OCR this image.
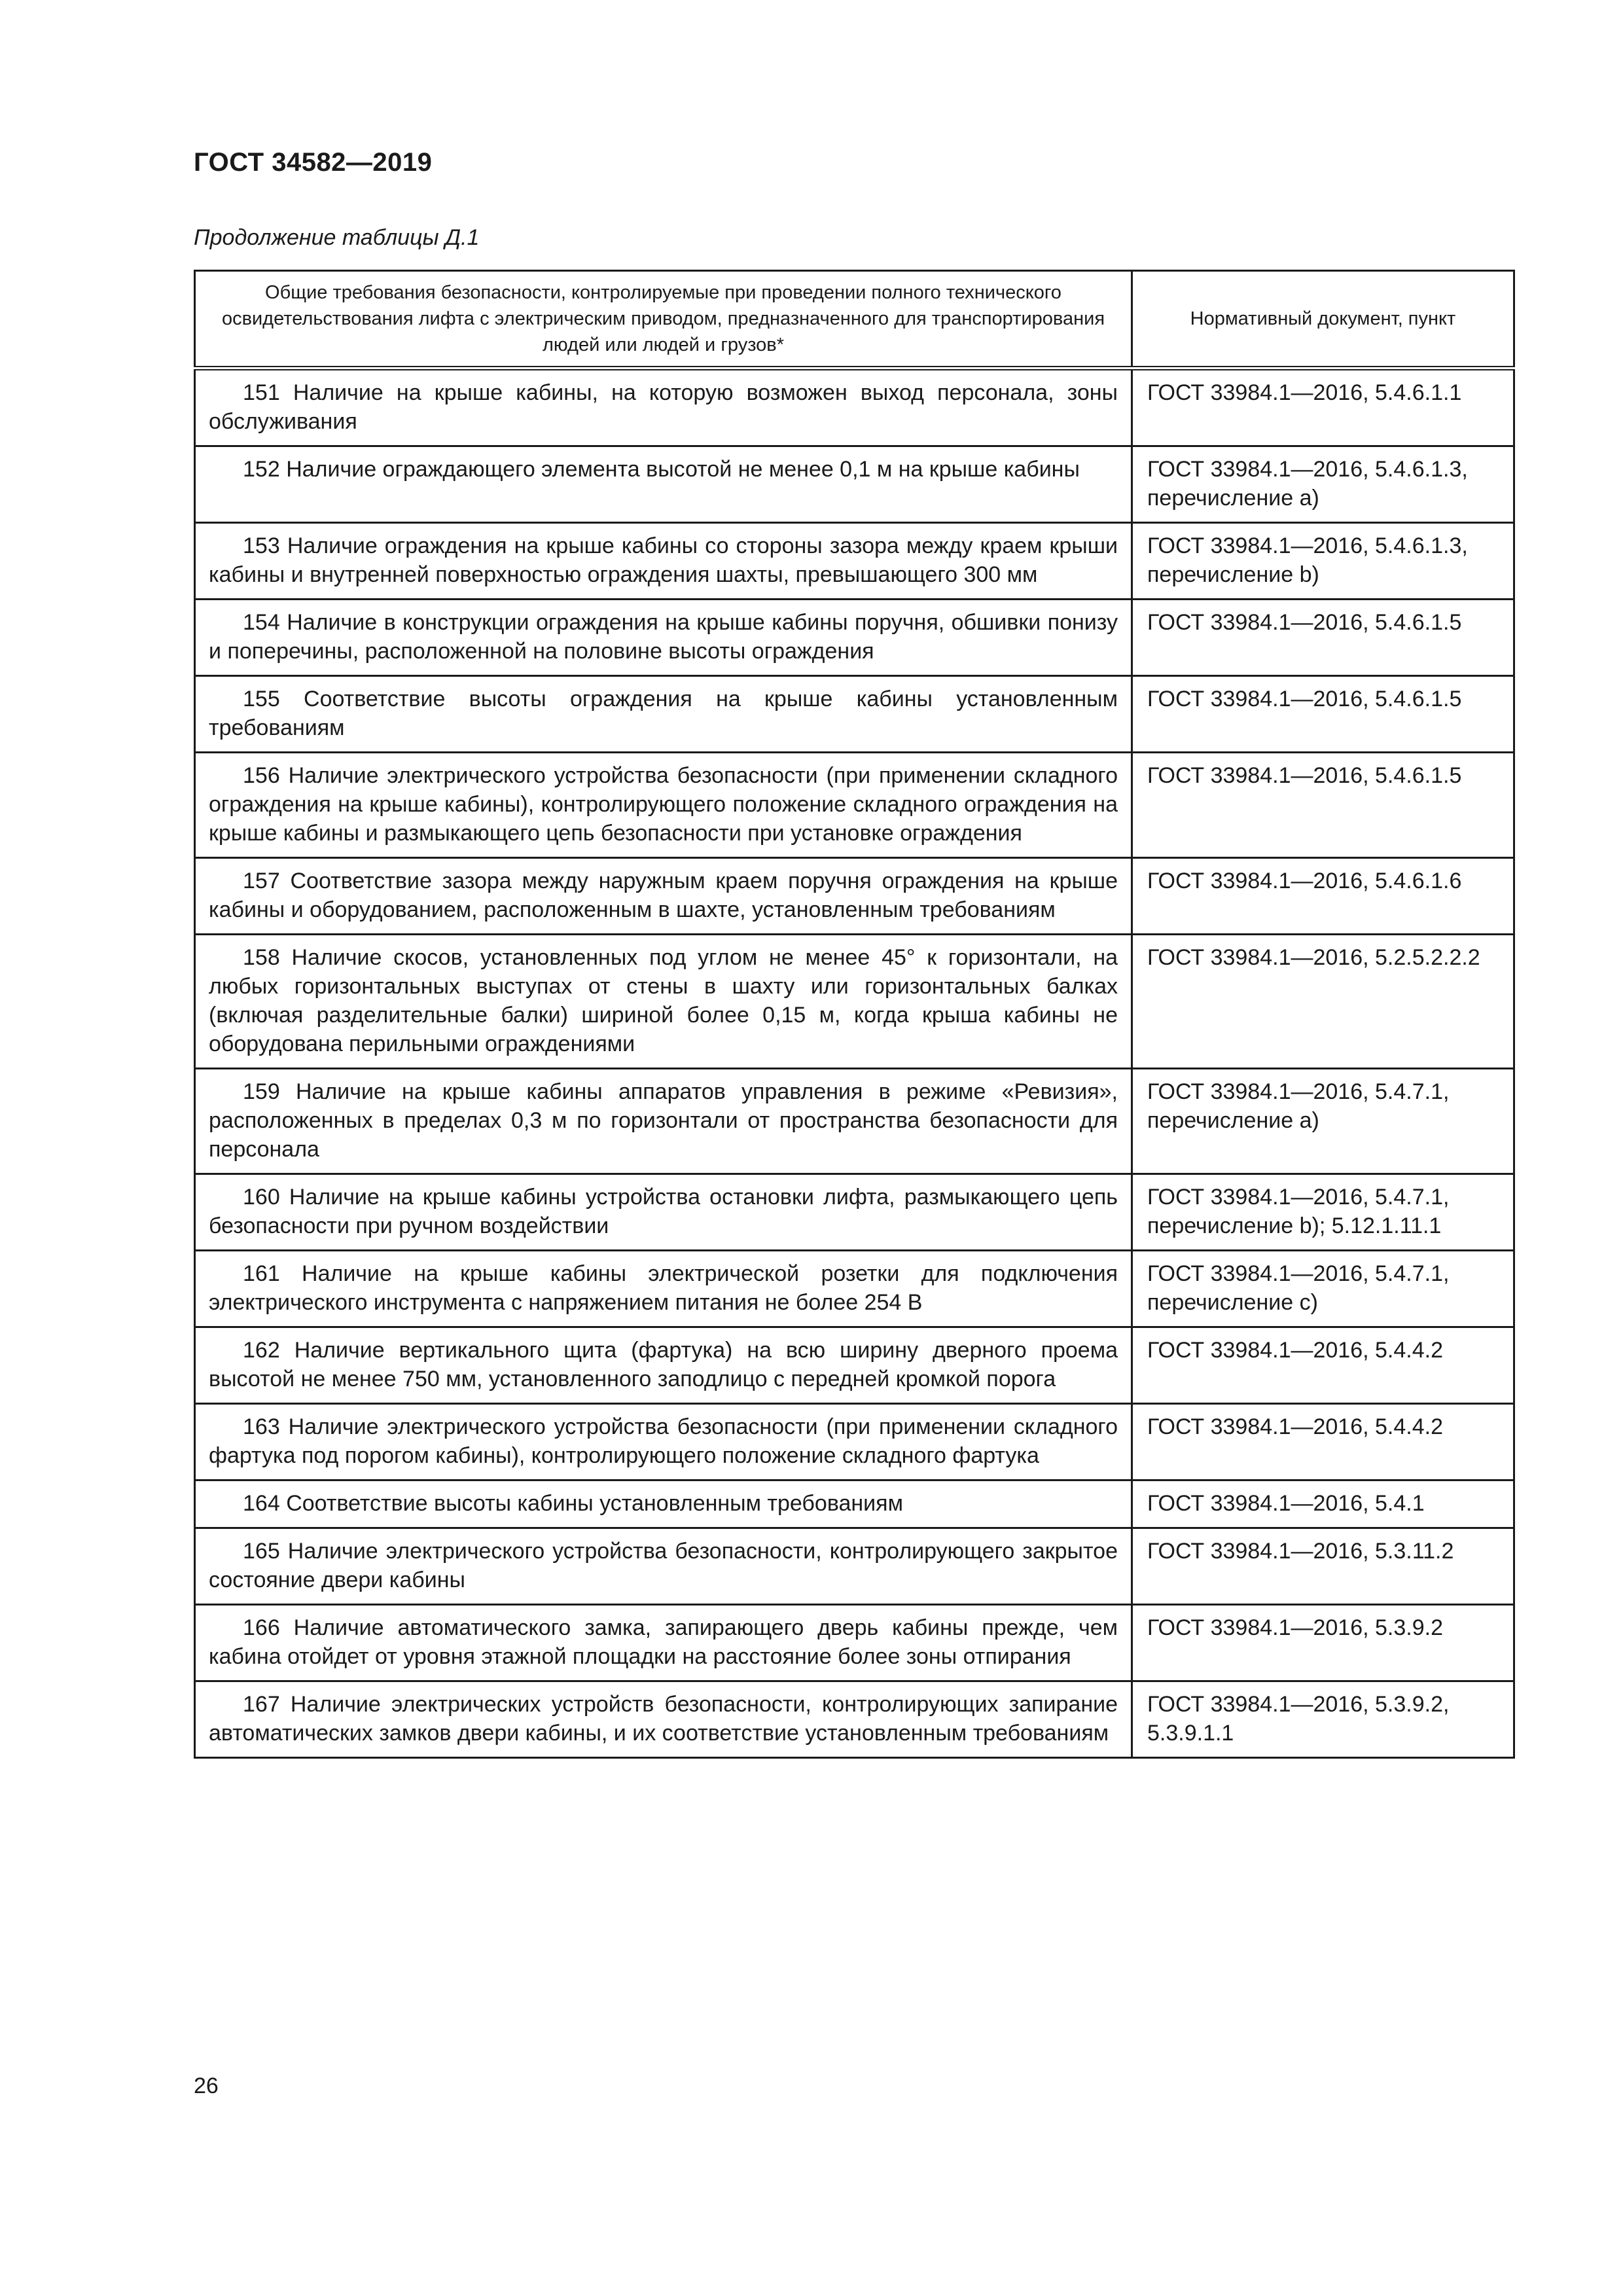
ГОСТ 34582—2019
Продолжение таблицы Д.1
Общие требования безопасности, контролируемые при проведении полного технического освидетельствования лифта с электрическим приводом, предназначенного для транспортирования людей или людей и грузов*	Нормативный документ, пункт
151 Наличие на крыше кабины, на которую возможен выход персонала, зоны обслуживания	ГОСТ 33984.1—2016, 5.4.6.1.1
152 Наличие ограждающего элемента высотой не менее 0,1 м на крыше кабины	ГОСТ 33984.1—2016, 5.4.6.1.3, перечисление a)
153 Наличие ограждения на крыше кабины со стороны зазора между краем крыши кабины и внутренней поверхностью ограждения шахты, превышающего 300 мм	ГОСТ 33984.1—2016, 5.4.6.1.3, перечисление b)
154 Наличие в конструкции ограждения на крыше кабины поручня, обшивки понизу и поперечины, расположенной на половине высоты ограждения	ГОСТ 33984.1—2016, 5.4.6.1.5
155 Соответствие высоты ограждения на крыше кабины установленным требованиям	ГОСТ 33984.1—2016, 5.4.6.1.5
156 Наличие электрического устройства безопасности (при применении складного ограждения на крыше кабины), контролирующего положение складного ограждения на крыше кабины и размыкающего цепь безопасности при установке ограждения	ГОСТ 33984.1—2016, 5.4.6.1.5
157 Соответствие зазора между наружным краем поручня ограждения на крыше кабины и оборудованием, расположенным в шахте, установленным требованиям	ГОСТ 33984.1—2016, 5.4.6.1.6
158 Наличие скосов, установленных под углом не менее 45° к горизонтали, на любых горизонтальных выступах от стены в шахту или горизонтальных балках (включая разделительные балки) шириной более 0,15 м, когда крыша кабины не оборудована перильными ограждениями	ГОСТ 33984.1—2016, 5.2.5.2.2.2
159 Наличие на крыше кабины аппаратов управления в режиме «Ревизия», расположенных в пределах 0,3 м по горизонтали от пространства безопасности для персонала	ГОСТ 33984.1—2016, 5.4.7.1, перечисление a)
160 Наличие на крыше кабины устройства остановки лифта, размыкающего цепь безопасности при ручном воздействии	ГОСТ 33984.1—2016, 5.4.7.1, перечисление b); 5.12.1.11.1
161 Наличие на крыше кабины электрической розетки для подключения электрического инструмента с напряжением питания не более 254 В	ГОСТ 33984.1—2016, 5.4.7.1, перечисление c)
162 Наличие вертикального щита (фартука) на всю ширину дверного проема высотой не менее 750 мм, установленного заподлицо с передней кромкой порога	ГОСТ 33984.1—2016, 5.4.4.2
163 Наличие электрического устройства безопасности (при применении складного фартука под порогом кабины), контролирующего положение складного фартука	ГОСТ 33984.1—2016, 5.4.4.2
164 Соответствие высоты кабины установленным требованиям	ГОСТ 33984.1—2016, 5.4.1
165 Наличие электрического устройства безопасности, контролирующего закрытое состояние двери кабины	ГОСТ 33984.1—2016, 5.3.11.2
166 Наличие автоматического замка, запирающего дверь кабины прежде, чем кабина отойдет от уровня этажной площадки на расстояние более зоны отпирания	ГОСТ 33984.1—2016, 5.3.9.2
167 Наличие электрических устройств безопасности, контролирующих запирание автоматических замков двери кабины, и их соответствие установленным требованиям	ГОСТ 33984.1—2016, 5.3.9.2, 5.3.9.1.1
26
